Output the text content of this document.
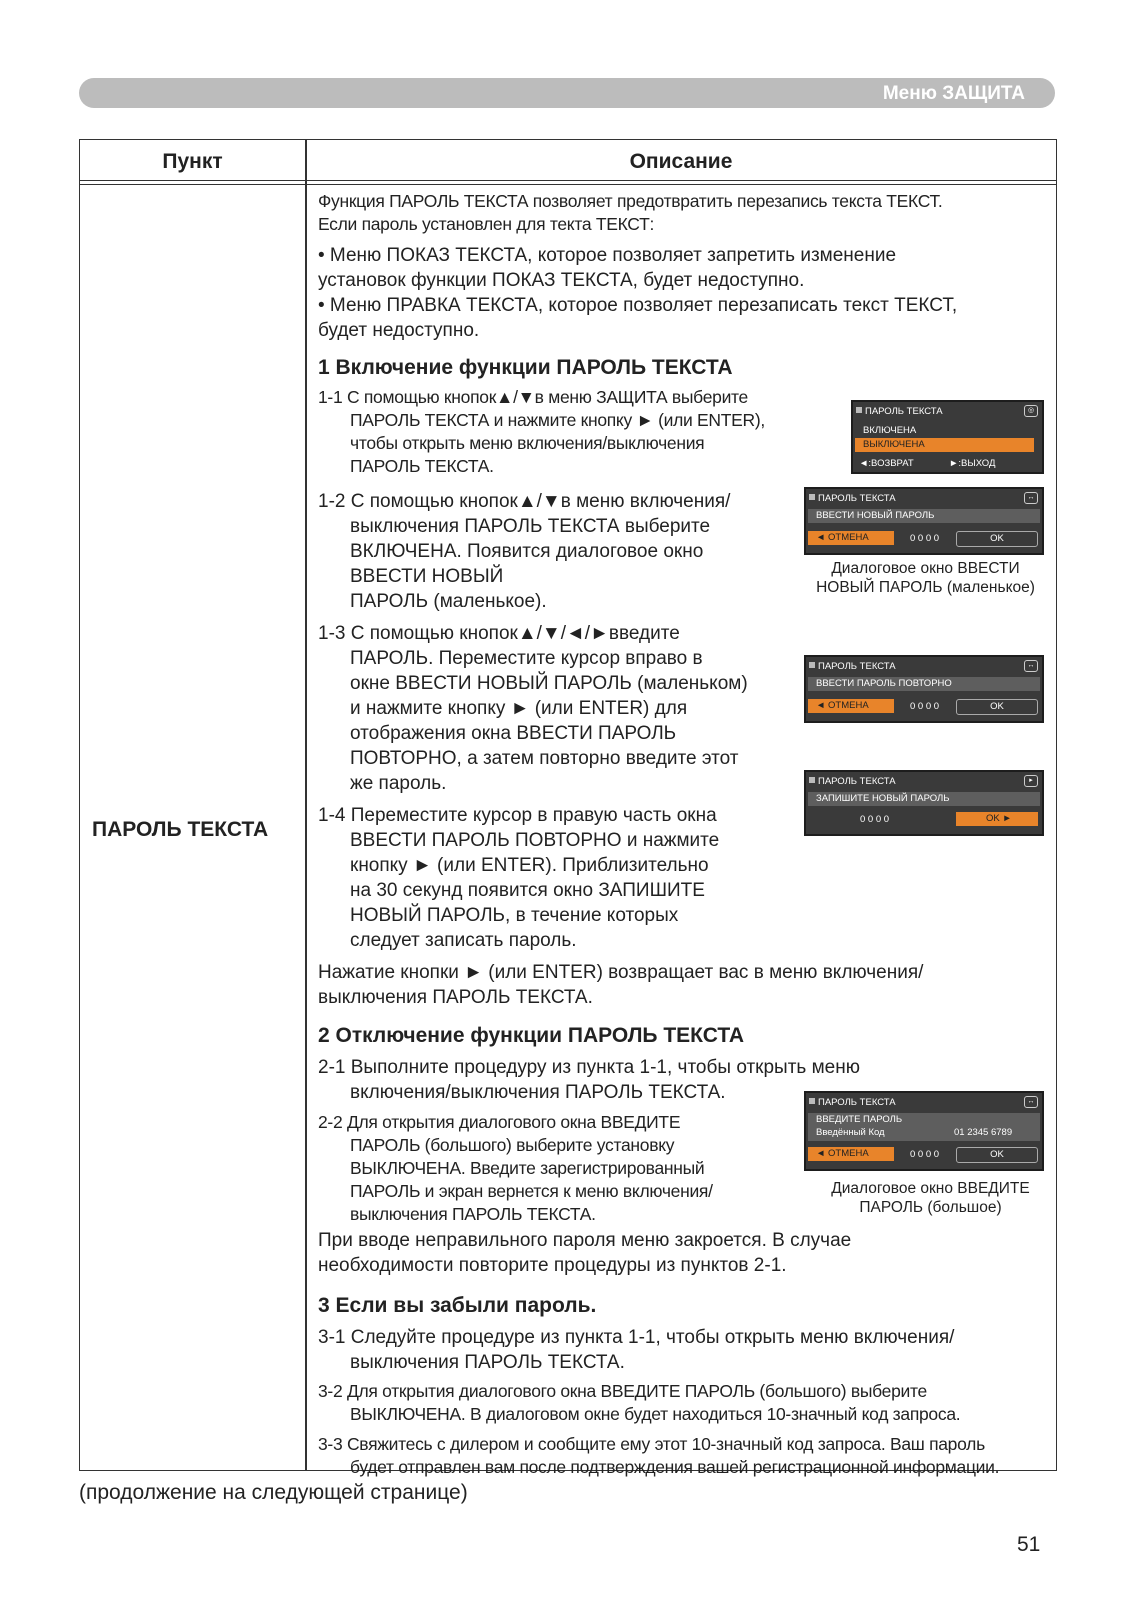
Меню ЗАЩИТА
Пункт	Описание
ПАРОЛЬ ТЕКСТА
Функция ПАРОЛЬ ТЕКСТА позволяет предотвратить перезапись текста ТЕКСТ.
Если пароль установлен для текта ТЕКСТ:
• Меню ПОКАЗ ТЕКСТА, которое позволяет запретить изменение
установок функции ПОКАЗ ТЕКСТА, будет недоступно.
• Меню ПРАВКА ТЕКСТА, которое позволяет перезаписать текст ТЕКСТ,
будет недоступно.
1 Включение функции ПАРОЛЬ ТЕКСТА
1-1 С помощью кнопок▲/▼в меню ЗАЩИТА выберите
ПАРОЛЬ ТЕКСТА и нажмите кнопку ► (или ENTER),
чтобы открыть меню включения/выключения
ПАРОЛЬ ТЕКСТА.
1-2 С помощью кнопок▲/▼в меню включения/
выключения ПАРОЛЬ ТЕКСТА выберите
ВКЛЮЧЕНА. Появится диалоговое окно
ВВЕСТИ НОВЫЙ
ПАРОЛЬ (маленькое).
1-3 С помощью кнопок▲/▼/◄/►введите
ПАРОЛЬ. Переместите курсор вправо в
окне ВВЕСТИ НОВЫЙ ПАРОЛЬ (маленьком)
и нажмите кнопку ► (или ENTER) для
отображения окна ВВЕСТИ ПАРОЛЬ
ПОВТОРНО, а затем повторно введите этот
же пароль.
1-4 Переместите курсор в правую часть окна
ВВЕСТИ ПАРОЛЬ ПОВТОРНО и нажмите
кнопку ► (или ENTER). Приблизительно
на 30 секунд появится окно ЗАПИШИТЕ
НОВЫЙ ПАРОЛЬ, в течение которых
следует записать пароль.
Нажатие кнопки ► (или ENTER) возвращает вас в меню включения/
выключения ПАРОЛЬ ТЕКСТА.
2 Отключение функции ПАРОЛЬ ТЕКСТА
2-1 Выполните процедуру из пункта 1-1, чтобы открыть меню
включения/выключения ПАРОЛЬ ТЕКСТА.
2-2 Для открытия диалогового окна ВВЕДИТЕ
ПАРОЛЬ (большого) выберите установку
ВЫКЛЮЧЕНА. Введите зарегистрированный
ПАРОЛЬ и экран вернется к меню включения/
выключения ПАРОЛЬ ТЕКСТА.
При вводе неправильного пароля меню закроется. В случае
необходимости повторите процедуры из пунктов 2-1.
3 Если вы забыли пароль.
3-1 Следуйте процедуре из пункта 1-1, чтобы открыть меню включения/
выключения ПАРОЛЬ ТЕКСТА.
3-2 Для открытия диалогового окна ВВЕДИТЕ ПАРОЛЬ (большого) выберите
ВЫКЛЮЧЕНА. В диалоговом окне будет находиться 10-значный код запроса.
3-3 Свяжитесь с дилером и сообщите ему этот 10-значный код запроса. Ваш пароль
будет отправлен вам после подтверждения вашей регистрационной информации.
ПАРОЛЬ ТЕКСТА	◎
ВКЛЮЧЕНА
ВЫКЛЮЧЕНА
◄:ВОЗВРАТ	►:ВЫХОД
ПАРОЛЬ ТЕКСТА	↔
ВВЕСТИ НОВЫЙ ПАРОЛЬ
◄ ОТМЕНА	0 0 0 0	OK
Диалоговое окно ВВЕСТИ
НОВЫЙ ПАРОЛЬ (маленькое)
ПАРОЛЬ ТЕКСТА	↔
ВВЕСТИ ПАРОЛЬ ПОВТОРНО
◄ ОТМЕНА	0 0 0 0	OK
ПАРОЛЬ ТЕКСТА	▸
ЗАПИШИТЕ НОВЫЙ ПАРОЛЬ
0 0 0 0	OK ►
ПАРОЛЬ ТЕКСТА	↔
ВВЕДИТЕ ПАРОЛЬ
Введённый Код	01 2345 6789
◄ ОТМЕНА	0 0 0 0	OK
Диалоговое окно ВВЕДИТЕ
ПАРОЛЬ (большое)
(продолжение на следующей странице)
51
